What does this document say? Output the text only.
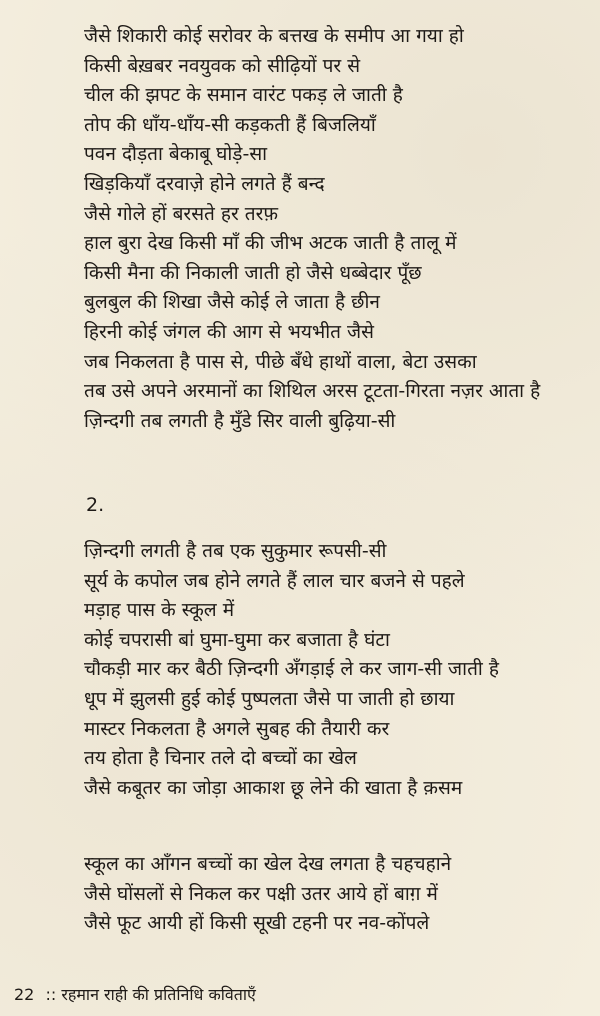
जैसे शिकारी कोई सरोवर के बत्तख के समीप आ गया हो
किसी बेख़बर नवयुवक को सीढ़ियों पर से
चील की झपट के समान वारंट पकड़ ले जाती है
तोप की धाँय-धाँय-सी कड़कती हैं बिजलियाँ
पवन दौड़ता बेकाबू घोड़े-सा
खिड़कियाँ दरवाज़े होने लगते हैं बन्द
जैसे गोले हों बरसते हर तरफ़
हाल बुरा देख किसी माँ की जीभ अटक जाती है तालू में
किसी मैना की निकाली जाती हो जैसे धब्बेदार पूँछ
बुलबुल की शिखा जैसे कोई ले जाता है छीन
हिरनी कोई जंगल की आग से भयभीत जैसे
जब निकलता है पास से, पीछे बँधे हाथों वाला, बेटा उसका
तब उसे अपने अरमानों का शिथिल अरस टूटता-गिरता नज़र आता है
ज़िन्दगी तब लगती है मुँडे सिर वाली बुढ़िया-सी
2.
ज़िन्दगी लगती है तब एक सुकुमार रूपसी-सी
सूर्य के कपोल जब होने लगते हैं लाल चार बजने से पहले
मड़ाह पास के स्कूल में
कोई चपरासी बा॑ घुमा-घुमा कर बजाता है घंटा
चौकड़ी मार कर बैठी ज़िन्दगी अँगड़ाई ले कर जाग-सी जाती है
धूप में झुलसी हुई कोई पुष्पलता जैसे पा जाती हो छाया
मास्टर निकलता है अगले सुबह की तैयारी कर
तय होता है चिनार तले दो बच्चों का खेल
जैसे कबूतर का जोड़ा आकाश छू लेने की खाता है क़सम
स्कूल का आँगन बच्चों का खेल देख लगता है चहचहाने
जैसे घोंसलों से निकल कर पक्षी उतर आये हों बाग़ में
जैसे फूट आयी हों किसी सूखी टहनी पर नव-कोंपले
22 :: रहमान राही की प्रतिनिधि कविताएँ
